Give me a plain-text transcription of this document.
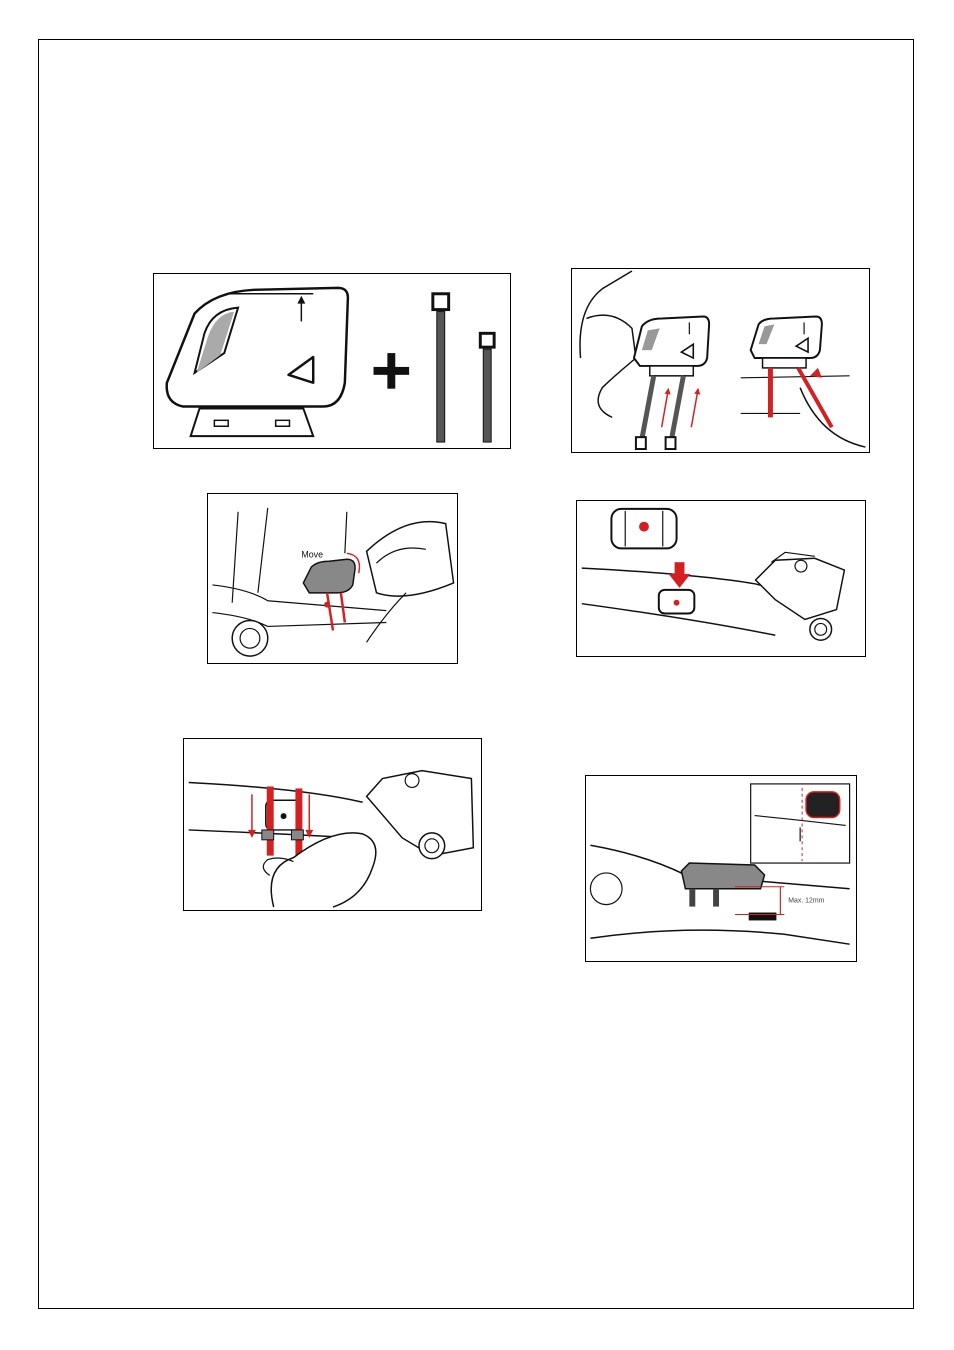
Move
Max. 12mm
